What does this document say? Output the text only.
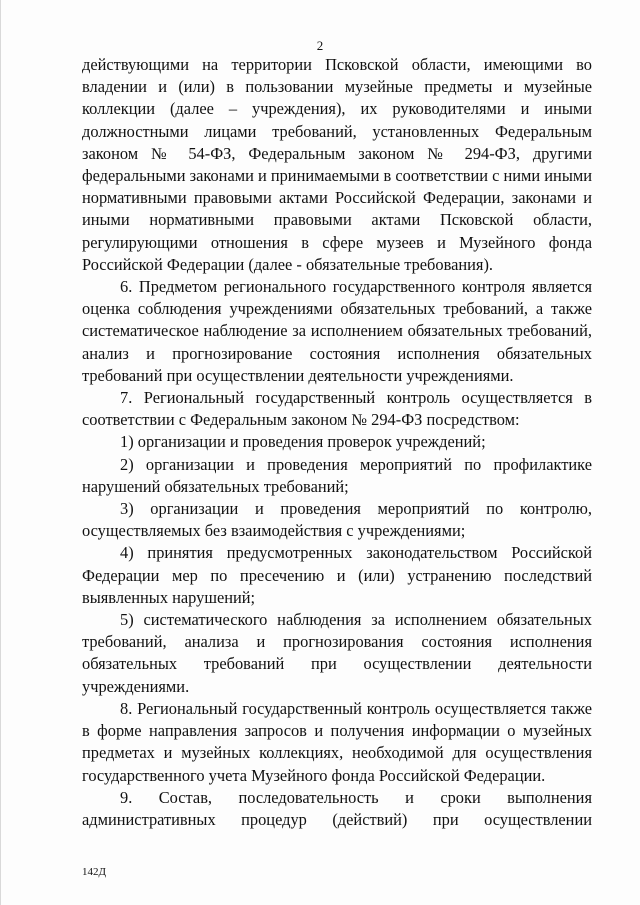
2

действующими на территории Псковской области, имеющими во владении и (или) в пользовании музейные предметы и музейные коллекции (далее – учреждения), их руководителями и иными должностными лицами требований, установленных Федеральным законом № 54-ФЗ, Федеральным законом № 294-ФЗ, другими федеральными законами и принимаемыми в соответствии с ними иными нормативными правовыми актами Российской Федерации, законами и иными нормативными правовыми актами Псковской области, регулирующими отношения в сфере музеев и Музейного фонда Российской Федерации (далее - обязательные требования).

6. Предметом регионального государственного контроля является оценка соблюдения учреждениями обязательных требований, а также систематическое наблюдение за исполнением обязательных требований, анализ и прогнозирование состояния исполнения обязательных требований при осуществлении деятельности учреждениями.

7. Региональный государственный контроль осуществляется в соответствии с Федеральным законом № 294-ФЗ посредством:

1) организации и проведения проверок учреждений;

2) организации и проведения мероприятий по профилактике нарушений обязательных требований;

3) организации и проведения мероприятий по контролю, осуществляемых без взаимодействия с учреждениями;

4) принятия предусмотренных законодательством Российской Федерации мер по пресечению и (или) устранению последствий выявленных нарушений;

5) систематического наблюдения за исполнением обязательных требований, анализа и прогнозирования состояния исполнения обязательных требований при осуществлении деятельности учреждениями.

8. Региональный государственный контроль осуществляется также в форме направления запросов и получения информации о музейных предметах и музейных коллекциях, необходимой для осуществления государственного учета Музейного фонда Российской Федерации.

9. Состав, последовательность и сроки выполнения административных процедур (действий) при осуществлении

142Д
